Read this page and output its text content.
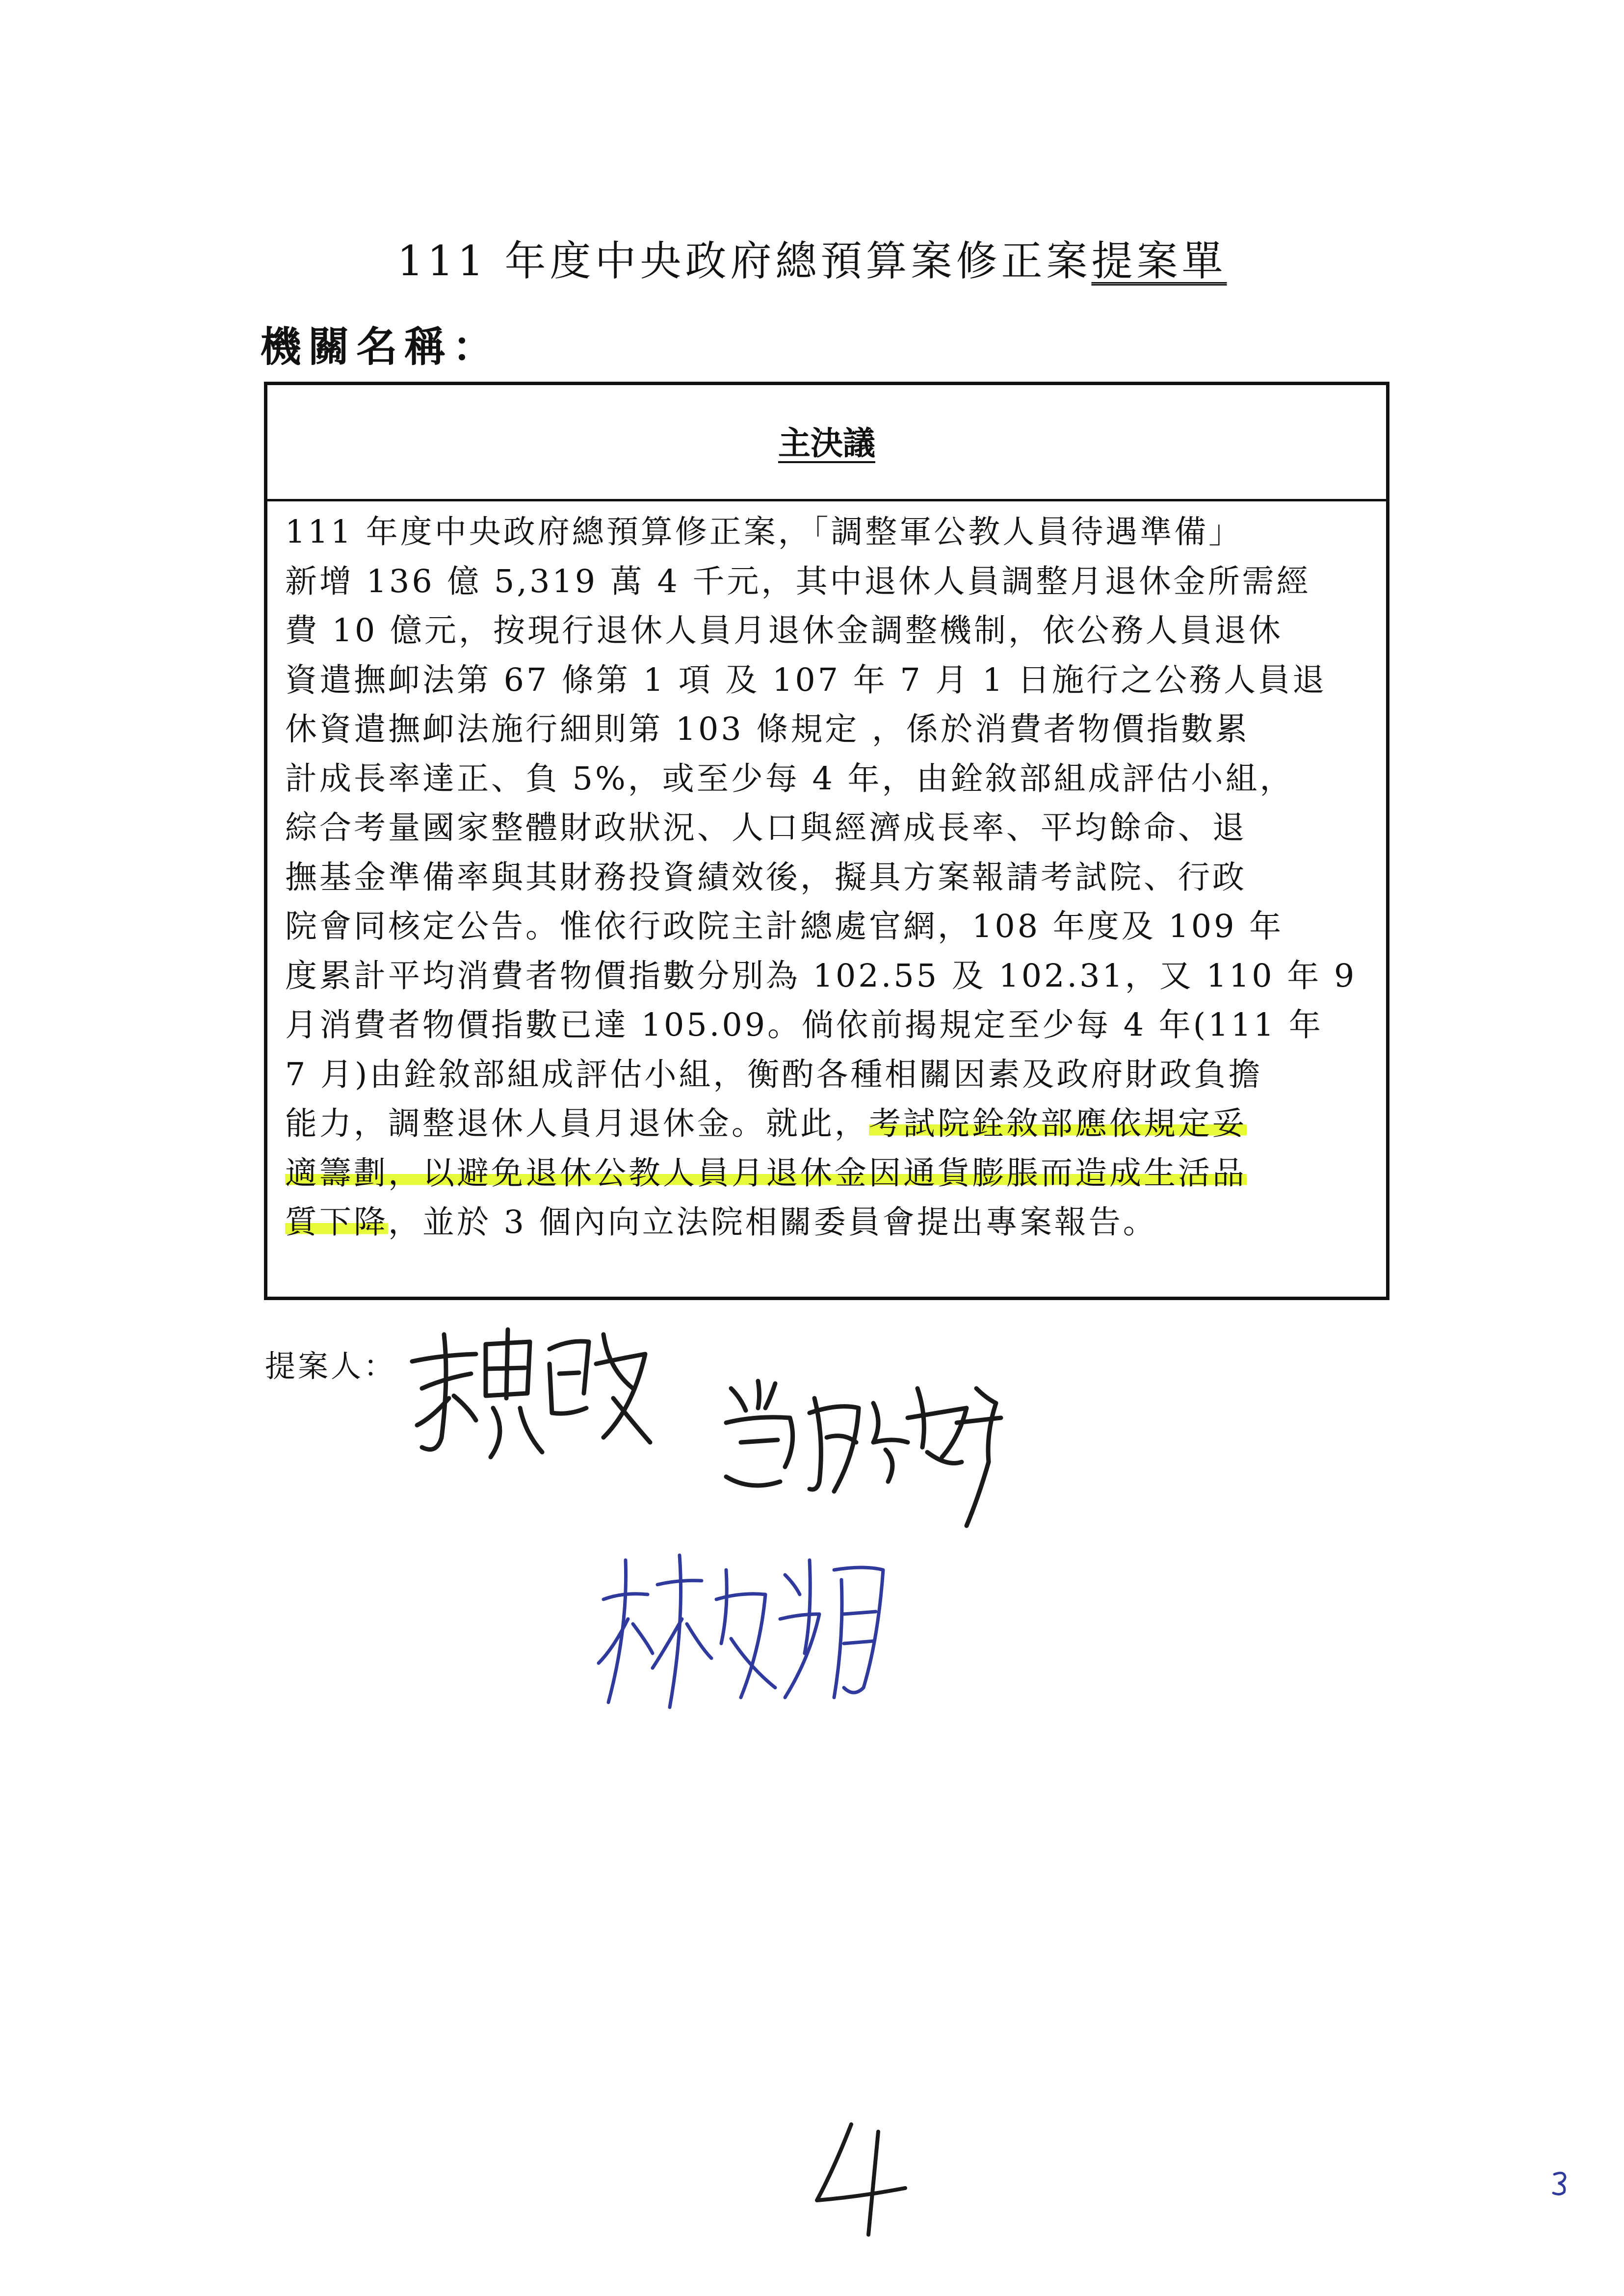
111 年度中央政府總預算案修正案提案單
機關名稱：
主決議
111 年度中央政府總預算修正案，「調整軍公教人員待遇準備」
新增 136 億 5,319 萬 4 千元，其中退休人員調整月退休金所需經
費 10 億元，按現行退休人員月退休金調整機制，依公務人員退休
資遣撫卹法第 67 條第 1 項 及 107 年 7 月 1 日施行之公務人員退
休資遣撫卹法施行細則第 103 條規定 ，係於消費者物價指數累
計成長率達正、負 5%，或至少每 4 年，由銓敘部組成評估小組，
綜合考量國家整體財政狀況、人口與經濟成長率、平均餘命、退
撫基金準備率與其財務投資績效後，擬具方案報請考試院、行政
院會同核定公告。惟依行政院主計總處官網，108 年度及 109 年
度累計平均消費者物價指數分別為 102.55 及 102.31，又 110 年 9
月消費者物價指數已達 105.09。倘依前揭規定至少每 4 年(111 年
7 月)由銓敘部組成評估小組，衡酌各種相關因素及政府財政負擔
能力，調整退休人員月退休金。就此，考試院銓敘部應依規定妥
適籌劃，以避免退休公教人員月退休金因通貨膨脹而造成生活品
質下降，並於 3 個內向立法院相關委員會提出專案報告。
提案人：
